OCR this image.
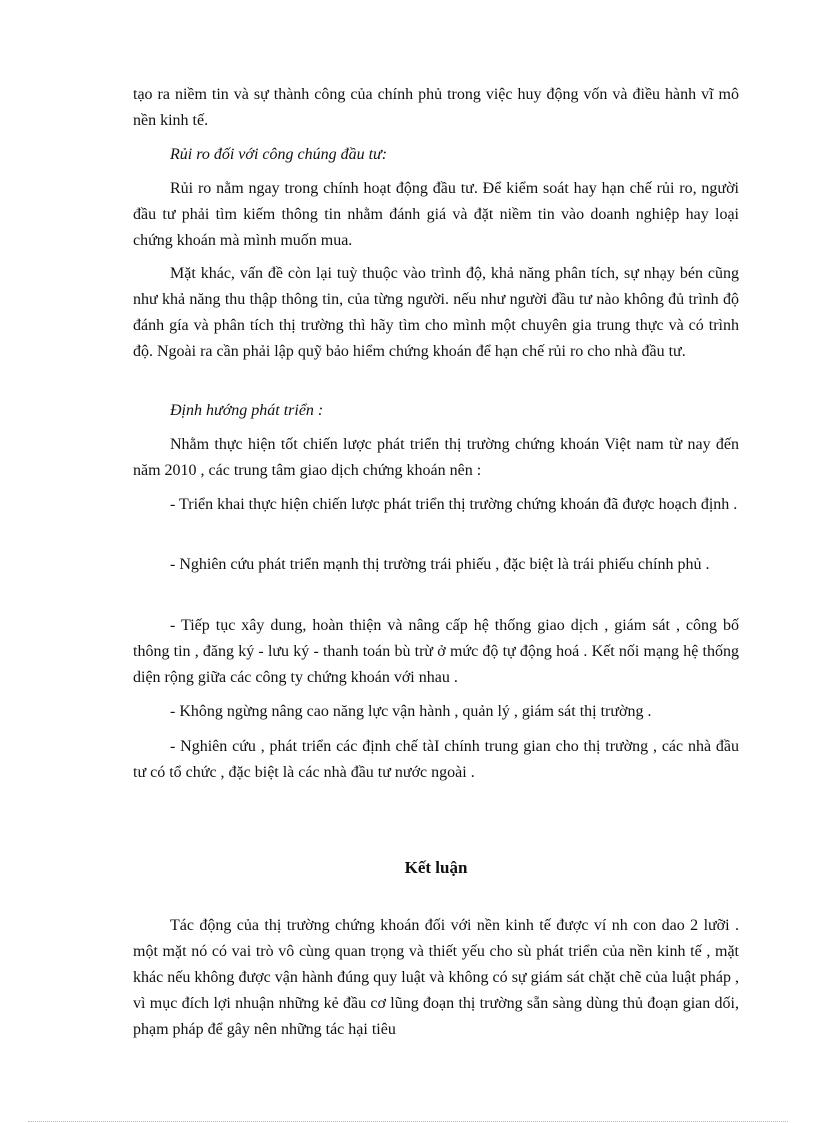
tạo ra niềm tin và sự thành công của chính phủ trong việc huy động vốn và điều hành vĩ mô nền kinh tế.

Rủi ro đối với công chúng đầu tư:

Rủi ro nằm ngay trong chính hoạt động đầu tư. Để kiểm soát hay hạn chế rủi ro, người đầu tư phải tìm kiếm thông tin nhằm đánh giá và đặt niềm tin vào doanh nghiệp hay loại chứng khoán mà mình muốn mua.

Mặt khác, vấn đề còn lại tuỳ thuộc vào trình độ, khả năng phân tích, sự nhạy bén cũng như khả năng thu thập thông tin, của từng người. nếu như người đầu tư nào không đủ trình độ đánh gía và phân tích thị trường thì hãy tìm cho mình một chuyên gia trung thực và có trình độ. Ngoài ra cần phải lập quỹ bảo hiểm chứng khoán để hạn chế rủi ro cho nhà đầu tư.

Định hướng phát triển :

Nhằm thực hiện tốt chiến lược phát triển thị trường chứng khoán Việt nam từ nay đến năm 2010 , các trung tâm giao dịch chứng khoán nên :

- Triển khai thực hiện chiến lược phát triển thị trường chứng khoán đã được hoạch định .

- Nghiên cứu phát triển mạnh thị trường trái phiếu , đặc biệt là trái phiếu chính phủ .

- Tiếp tục xây dung, hoàn thiện và nâng cấp hệ thống giao dịch , giám sát , công bố thông tin , đăng ký - lưu ký - thanh toán bù trừ ở mức độ tự động hoá . Kết nối mạng hệ thống diện rộng giữa các công ty chứng khoán với nhau .

- Không ngừng nâng cao năng lực vận hành , quản lý , giám sát thị trường .

- Nghiên cứu , phát triển các định chế tàI chính trung gian cho thị trường , các nhà đầu tư có tổ chức , đặc biệt là các nhà đầu tư nước ngoài .

Kết luận

Tác động của thị trường chứng khoán đối với nền kinh tế được ví nh con dao 2 lưỡi . một mặt nó có vai trò vô cùng quan trọng và thiết yếu cho sù phát triển của nền kinh tế , mặt khác nếu không được vận hành đúng quy luật và không có sự giám sát chặt chẽ của luật pháp , vì mục đích lợi nhuận những kẻ đầu cơ lũng đoạn thị trường sẵn sàng dùng thủ đoạn gian dối, phạm pháp để gây nên những tác hại tiêu
